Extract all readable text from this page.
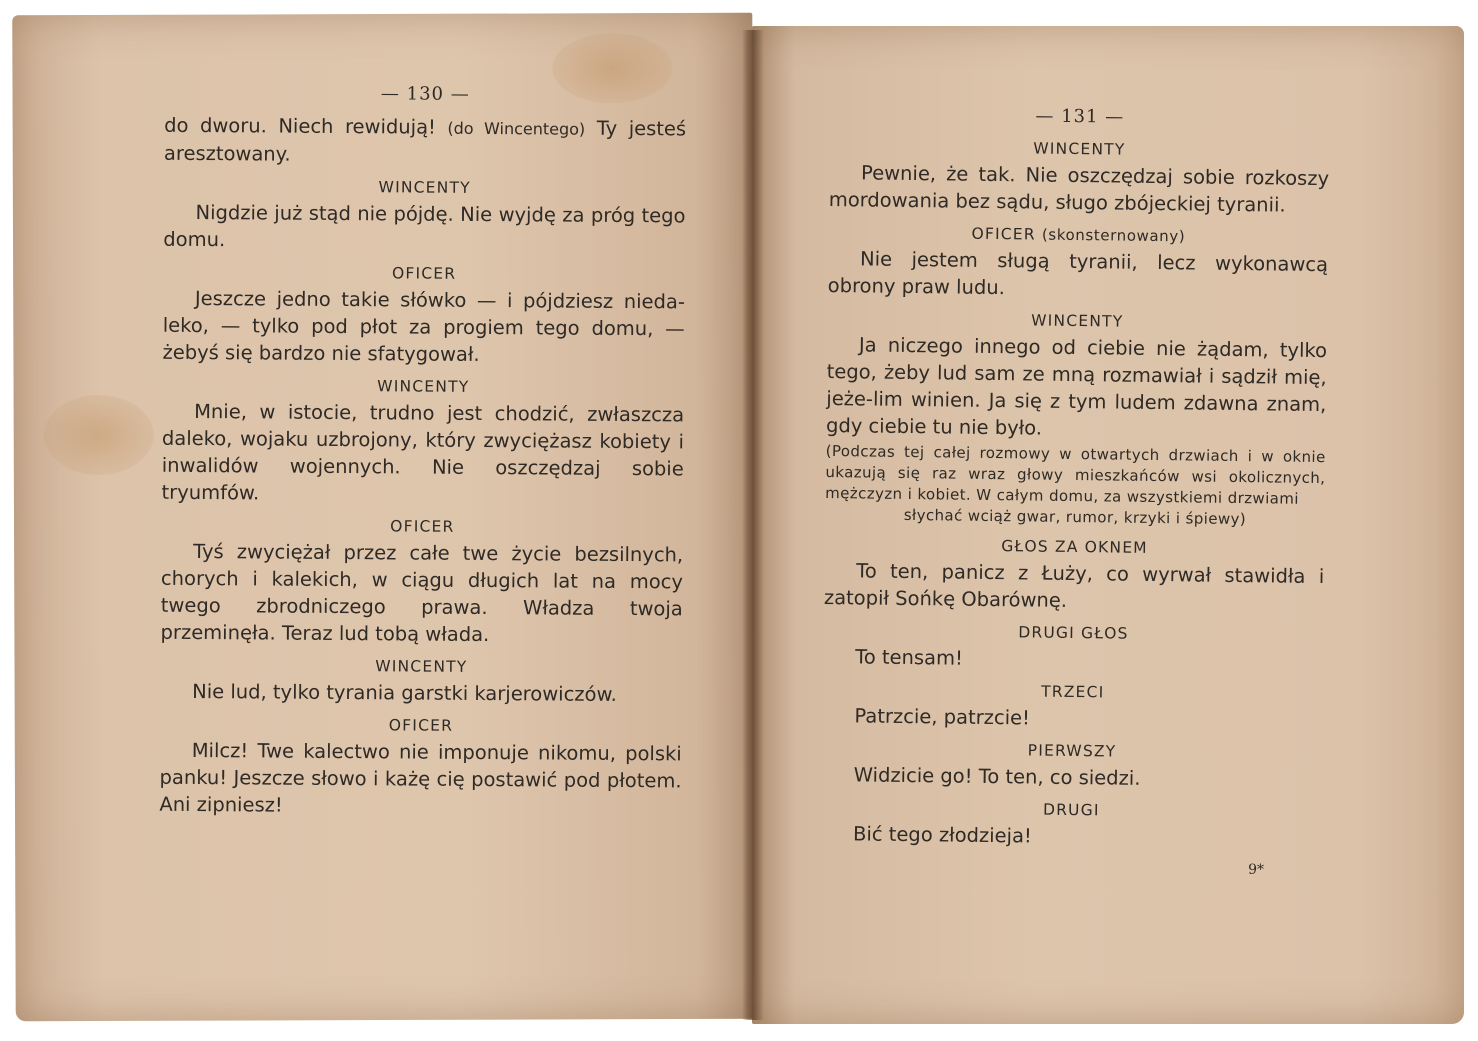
— 130 —

do dworu. Niech rewidują! (do Wincentego) Ty jesteś aresztowany.

WINCENTY

Nigdzie już stąd nie pójdę. Nie wyjdę za próg tego domu.

OFICER

Jeszcze jedno takie słówko — i pójdziesz nieda-leko, — tylko pod płot za progiem tego domu, — żebyś się bardzo nie sfatygował.

WINCENTY

Mnie, w istocie, trudno jest chodzić, zwłaszcza daleko, wojaku uzbrojony, który zwyciężasz kobiety i inwalidów wojennych. Nie oszczędzaj sobie tryumfów.

OFICER

Tyś zwyciężał przez całe twe życie bezsilnych, chorych i kalekich, w ciągu długich lat na mocy twego zbrodniczego prawa. Władza twoja przeminęła. Teraz lud tobą włada.

WINCENTY

Nie lud, tylko tyrania garstki karjerowiczów.

OFICER

Milcz! Twe kalectwo nie imponuje nikomu, polski panku! Jeszcze słowo i każę cię postawić pod płotem. Ani zipniesz!

— 131 —
WINCENTY

Pewnie, że tak. Nie oszczędzaj sobie rozkoszy mordowania bez sądu, sługo zbójeckiej tyranii.

OFICER (skonsternowany)

Nie jestem sługą tyranii, lecz wykonawcą obrony praw ludu.

WINCENTY

Ja niczego innego od ciebie nie żądam, tylko tego, żeby lud sam ze mną rozmawiał i sądził mię, jeże-lim winien. Ja się z tym ludem zdawna znam, gdy ciebie tu nie było.

(Podczas tej całej rozmowy w otwartych drzwiach i w oknie ukazują się raz wraz głowy mieszkańców wsi okolicznych, mężczyzn i kobiet. W całym domu, za wszystkiemi drzwiami
słychać wciąż gwar, rumor, krzyki i śpiewy)
GŁOS ZA OKNEM

To ten, panicz z Łuży, co wyrwał stawidła i zatopił Sońkę Obarównę.

DRUGI GŁOS

To tensam!

TRZECI

Patrzcie, patrzcie!

PIERWSZY

Widzicie go! To ten, co siedzi.

DRUGI

Bić tego złodzieja!

9*
